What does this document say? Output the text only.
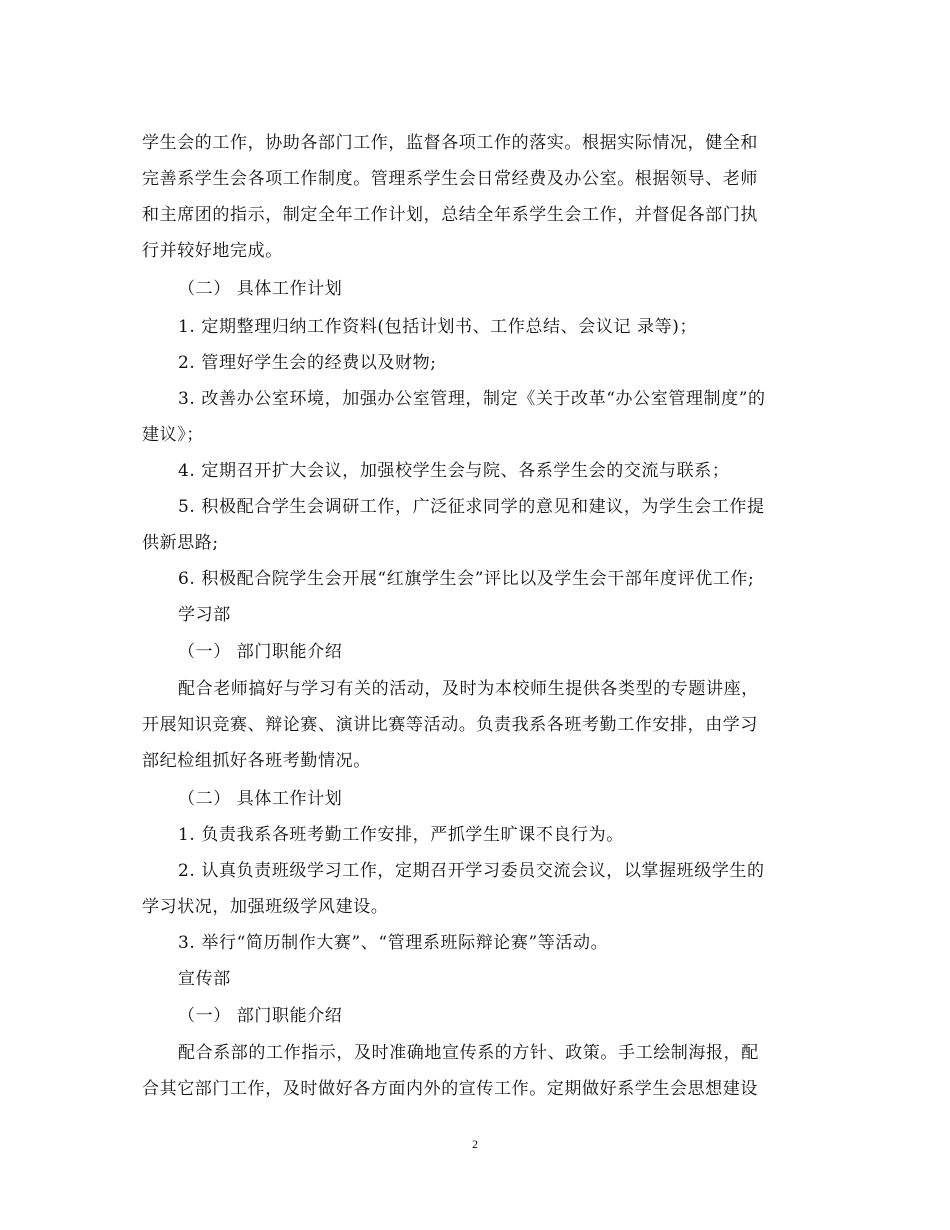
学生会的工作，协助各部门工作，监督各项工作的落实。根据实际情况，健全和
完善系学生会各项工作制度。管理系学生会日常经费及办公室。根据领导、老师
和主席团的指示，制定全年工作计划，总结全年系学生会工作，并督促各部门执
行并较好地完成。
（二） 具体工作计划
1. 定期整理归纳工作资料(包括计划书、工作总结、会议记 录等)；
2. 管理好学生会的经费以及财物;
3. 改善办公室环境，加强办公室管理，制定《关于改革“办公室管理制度”的
建议》；
4. 定期召开扩大会议，加强校学生会与院、各系学生会的交流与联系；
5. 积极配合学生会调研工作，广泛征求同学的意见和建议，为学生会工作提
供新思路;
6. 积极配合院学生会开展“红旗学生会”评比以及学生会干部年度评优工作;
学习部
（一） 部门职能介绍
配合老师搞好与学习有关的活动，及时为本校师生提供各类型的专题讲座，
开展知识竞赛、辩论赛、演讲比赛等活动。负责我系各班考勤工作安排，由学习
部纪检组抓好各班考勤情况。
（二） 具体工作计划
1. 负责我系各班考勤工作安排，严抓学生旷课不良行为。
2. 认真负责班级学习工作，定期召开学习委员交流会议，以掌握班级学生的
学习状况，加强班级学风建设。
3. 举行“简历制作大赛”、“管理系班际辩论赛”等活动。
宣传部
（一） 部门职能介绍
配合系部的工作指示，及时准确地宣传系的方针、政策。手工绘制海报，配
合其它部门工作，及时做好各方面内外的宣传工作。定期做好系学生会思想建设
2
